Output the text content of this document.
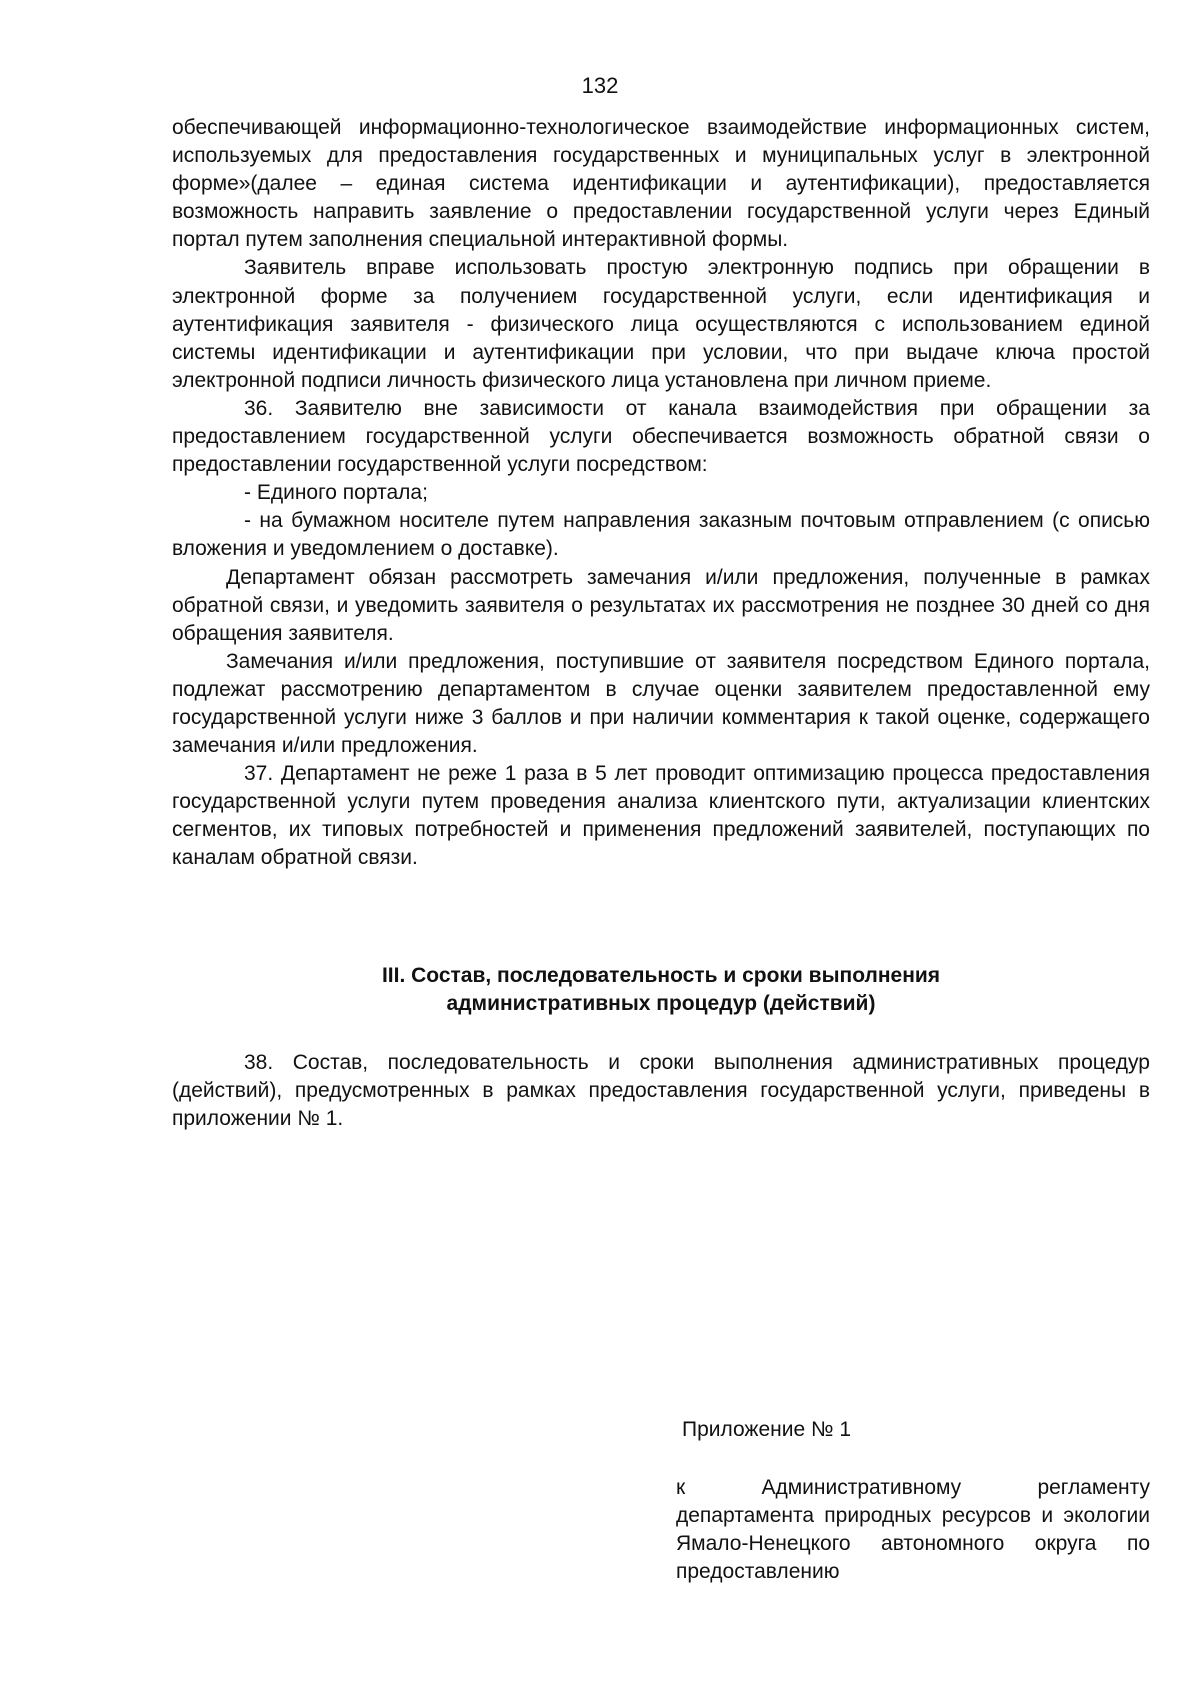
132

обеспечивающей информационно-технологическое взаимодействие информационных систем, используемых для предоставления государственных и муниципальных услуг в электронной форме»(далее – единая система идентификации и аутентификации), предоставляется возможность направить заявление о предоставлении государственной услуги через Единый портал путем заполнения специальной интерактивной формы.

Заявитель вправе использовать простую электронную подпись при обращении в электронной форме за получением государственной услуги, если идентификация и аутентификация заявителя - физического лица осуществляются с использованием единой системы идентификации и аутентификации при условии, что при выдаче ключа простой электронной подписи личность физического лица установлена при личном приеме.

36. Заявителю вне зависимости от канала взаимодействия при обращении за предоставлением государственной услуги обеспечивается возможность обратной связи о предоставлении государственной услуги посредством:

- Единого портала;

- на бумажном носителе путем направления заказным почтовым отправлением (с описью вложения и уведомлением о доставке).

Департамент обязан рассмотреть замечания и/или предложения, полученные в рамках обратной связи, и уведомить заявителя о результатах их рассмотрения не позднее 30 дней со дня обращения заявителя.

Замечания и/или предложения, поступившие от заявителя посредством Единого портала, подлежат рассмотрению департаментом в случае оценки заявителем предоставленной ему государственной услуги ниже 3 баллов и при наличии комментария к такой оценке, содержащего замечания и/или предложения.

37. Департамент не реже 1 раза в 5 лет проводит оптимизацию процесса предоставления государственной услуги путем проведения анализа клиентского пути, актуализации клиентских сегментов, их типовых потребностей и применения предложений заявителей, поступающих по каналам обратной связи.

III. Состав, последовательность и сроки выполнения
административных процедур (действий)

38. Состав, последовательность и сроки выполнения административных процедур (действий), предусмотренных в рамках предоставления государственной услуги, приведены в приложении № 1.

Приложение № 1

к Административному регламенту департамента природных ресурсов и экологии Ямало-Ненецкого автономного округа по предоставлению
